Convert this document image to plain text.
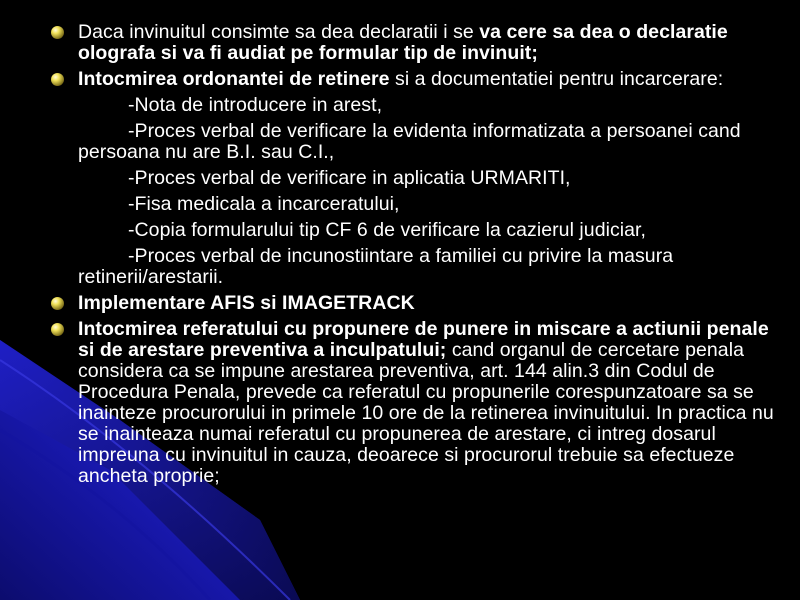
Daca invinuitul consimte sa dea declaratii i se va cere sa dea o declaratie olografa si va fi audiat pe formular tip de invinuit;
Intocmirea ordonantei de retinere si a documentatiei pentru incarcerare:
-Nota de introducere in arest,
-Proces verbal de verificare la evidenta informatizata a persoanei cand persoana nu are B.I. sau C.I.,
-Proces verbal de verificare in aplicatia URMARITI,
-Fisa medicala a incarceratului,
-Copia formularului tip CF 6 de verificare la cazierul judiciar,
-Proces verbal de incunostiintare a familiei cu privire la masura retinerii/arestarii.
Implementare AFIS si IMAGETRACK
Intocmirea referatului cu propunere de punere in miscare a actiunii penale si de arestare preventiva a inculpatului; cand organul de cercetare penala considera ca se impune arestarea preventiva, art. 144 alin.3 din Codul de Procedura Penala, prevede ca referatul cu propunerile corespunzatoare sa se inainteze procurorului in primele 10 ore de la retinerea invinuitului. In practica nu se inainteaza numai referatul cu propunerea de arestare, ci intreg dosarul impreuna cu invinuitul in cauza, deoarece si procurorul trebuie sa efectueze ancheta proprie;
